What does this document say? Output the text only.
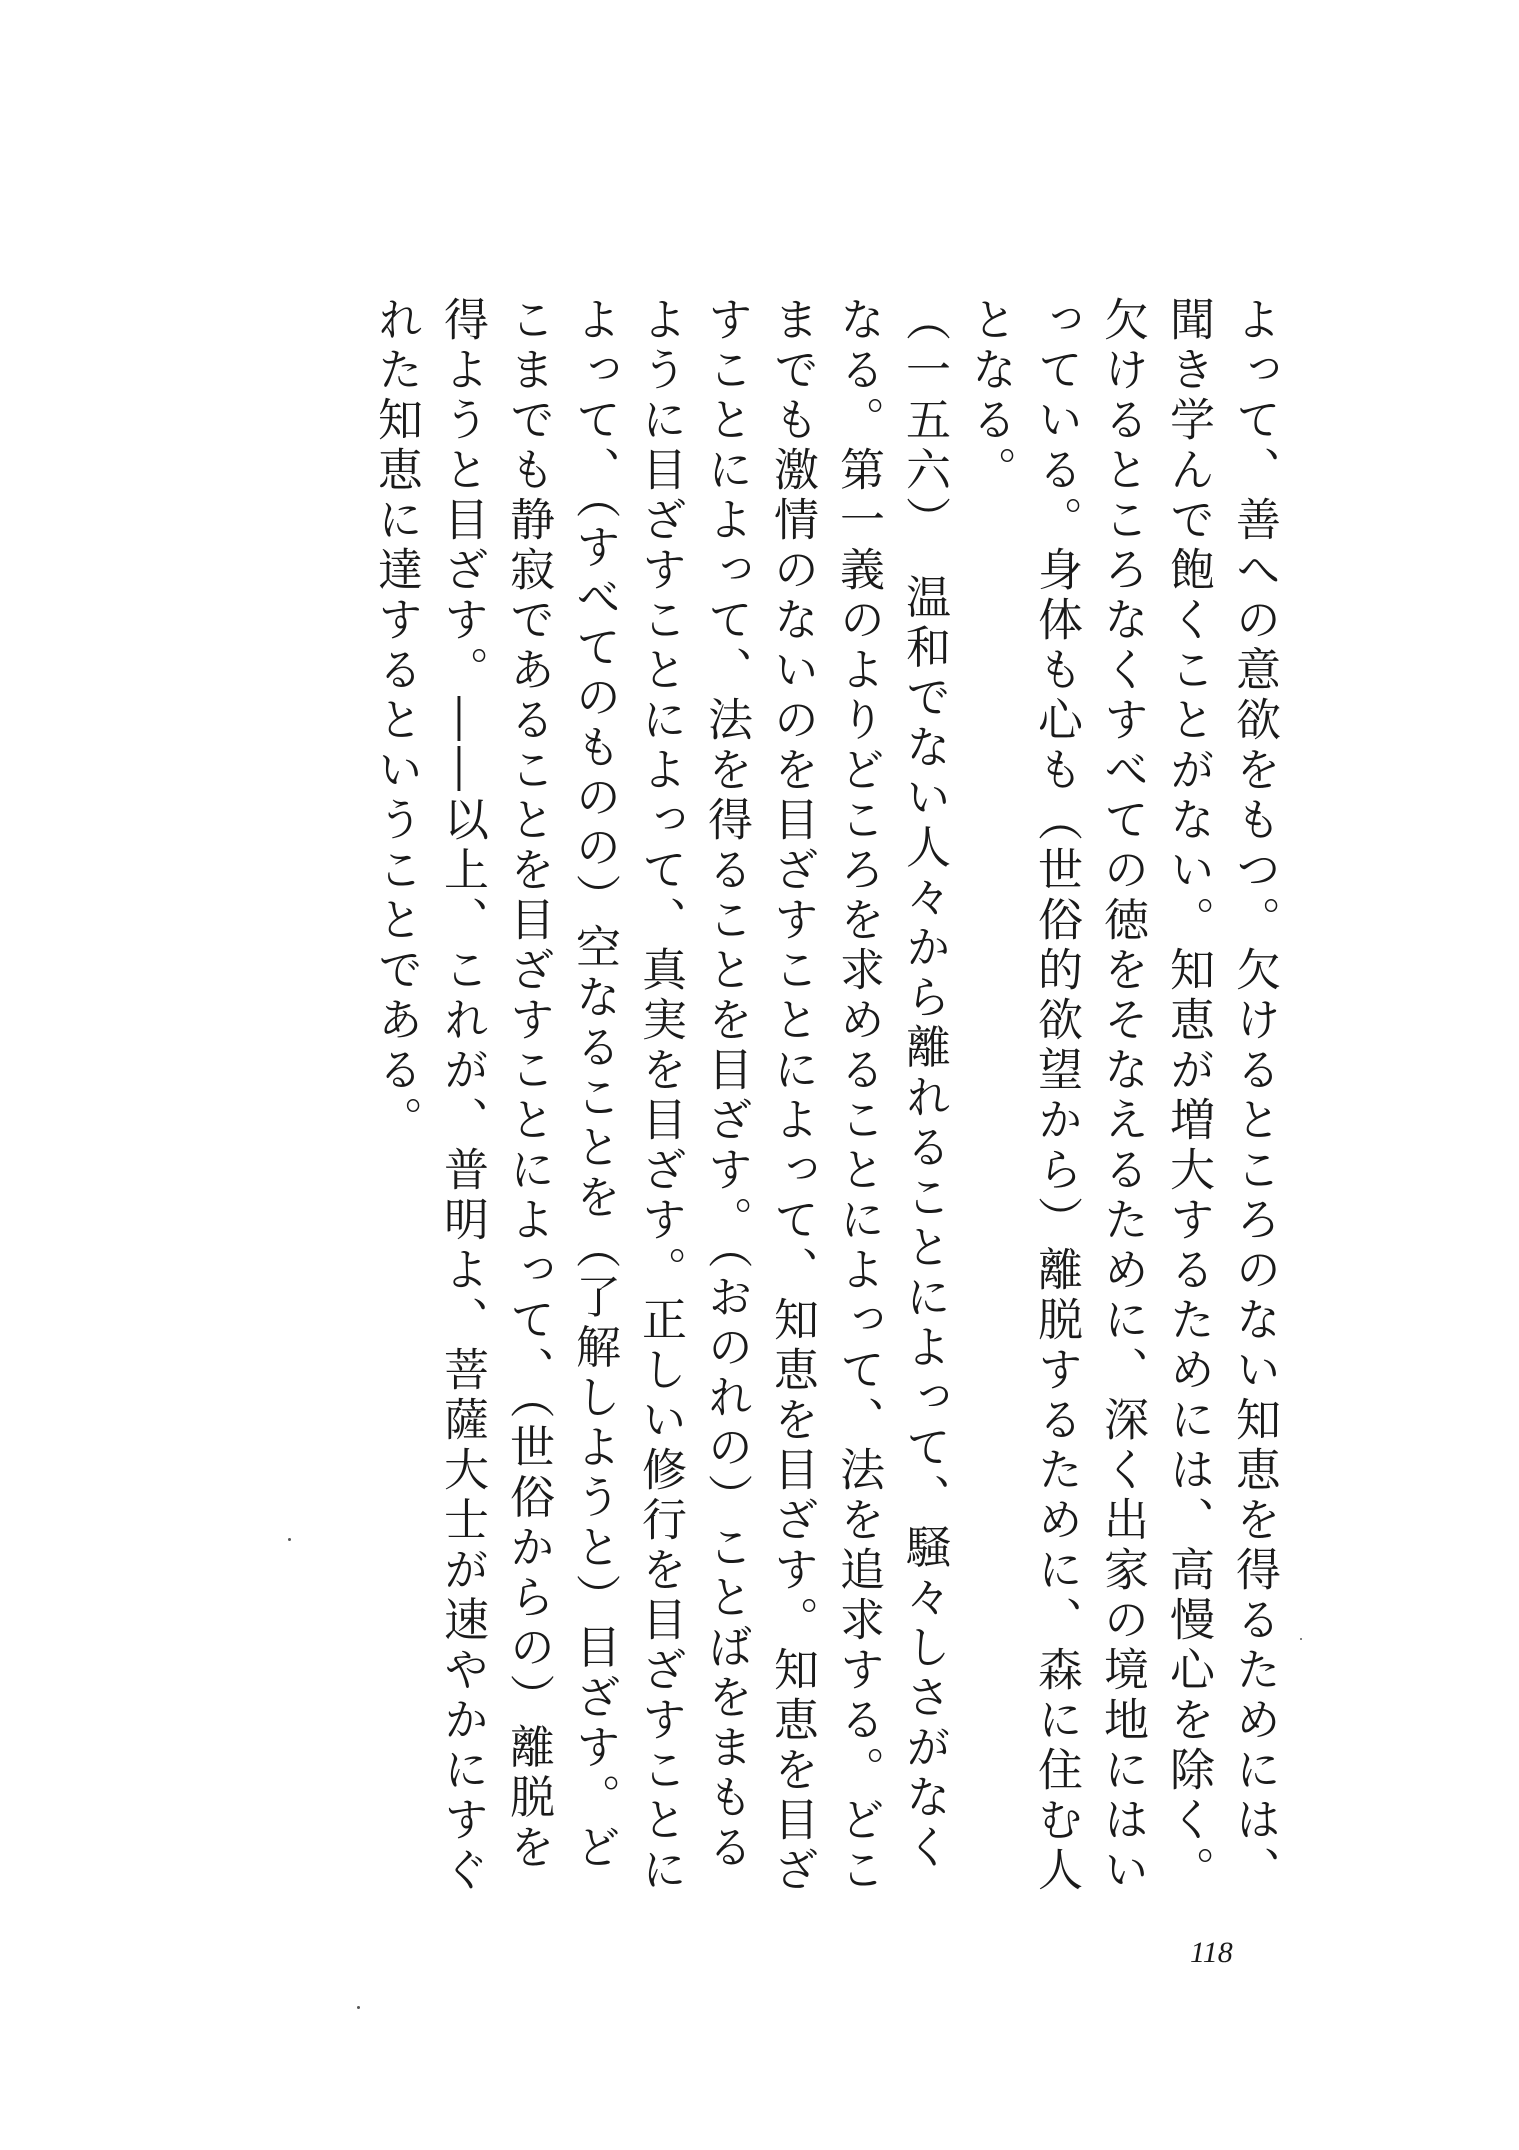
よって、善への意欲をもつ。欠けるところのない知恵を得るためには、聞き学んで飽くことがない。知恵が増大するためには、高慢心を除く。欠けるところなくすべての徳をそなえるために、深く出家の境地にはいっている。身体も心も（世俗的欲望から）離脱するために、森に住む人となる。

（一五六）　温和でない人々から離れることによって、騒々しさがなくなる。第一義のよりどころを求めることによって、法を追求する。どこまでも激情のないのを目ざすことによって、知恵を目ざす。知恵を目ざすことによって、法を得ることを目ざす。（おのれの）ことばをまもるように目ざすことによって、真実を目ざす。正しい修行を目ざすことによって、（すべてのものの）空なることを（了解しようと）目ざす。どこまでも静寂であることを目ざすことによって、（世俗からの）離脱を得ようと目ざす。――以上、これが、普明よ、菩薩大士が速やかにすぐれた知恵に達するということである。

118
